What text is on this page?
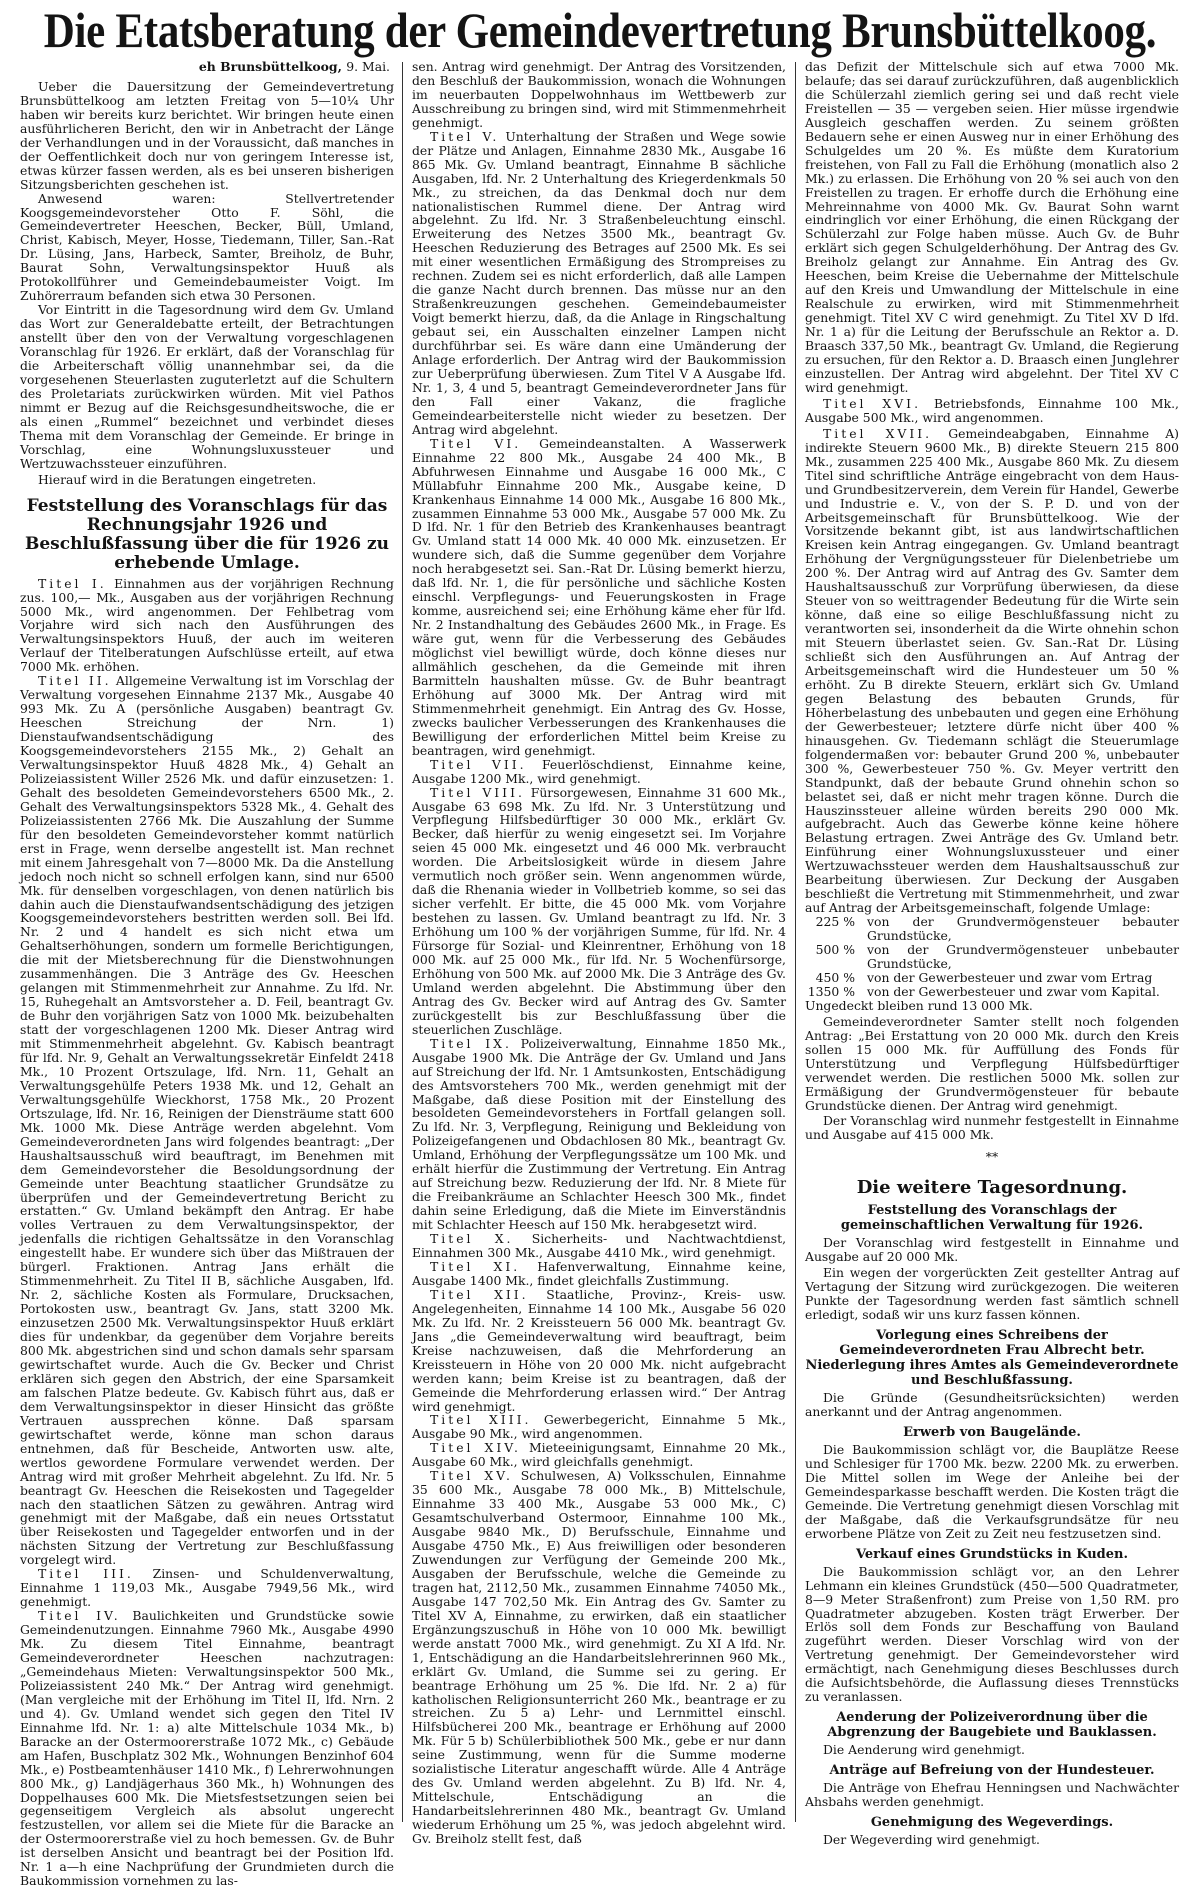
Die Etatsberatung der Gemeindevertretung Brunsbüttelkoog.
eh Brunsbüttelkoog, 9. Mai.

Ueber die Dauersitzung der Gemeindevertretung Brunsbüttelkoog am letzten Freitag von 5—10¼ Uhr haben wir bereits kurz berichtet. Wir bringen heute einen ausführlicheren Bericht, den wir in Anbetracht der Länge der Verhandlungen und in der Voraussicht, daß manches in der Oeffentlichkeit doch nur von geringem Interesse ist, etwas kürzer fassen werden, als es bei unseren bisherigen Sitzungsberichten geschehen ist.

Anwesend waren: Stellvertretender Koogsgemeindevorsteher Otto F. Söhl, die Gemeindevertreter Heeschen, Becker, Büll, Umland, Christ, Kabisch, Meyer, Hosse, Tiedemann, Tiller, San.-Rat Dr. Lüsing, Jans, Harbeck, Samter, Breiholz, de Buhr, Baurat Sohn, Verwaltungsinspektor Huuß als Protokollführer und Gemeindebaumeister Voigt. Im Zuhörerraum befanden sich etwa 30 Personen.

Vor Eintritt in die Tagesordnung wird dem Gv. Umland das Wort zur Generaldebatte erteilt, der Betrachtungen anstellt über den von der Verwaltung vorgeschlagenen Voranschlag für 1926. Er erklärt, daß der Voranschlag für die Arbeiterschaft völlig unannehmbar sei, da die vorgesehenen Steuerlasten zuguterletzt auf die Schultern des Proletariats zurückwirken würden. Mit viel Pathos nimmt er Bezug auf die Reichsgesundheitswoche, die er als einen „Rummel“ bezeichnet und verbindet dieses Thema mit dem Voranschlag der Gemeinde. Er bringe in Vorschlag, eine Wohnungsluxussteuer und Wertzuwachssteuer einzuführen.

Hierauf wird in die Beratungen eingetreten.

Feststellung des Voranschlags für das Rechnungsjahr 1926 und Beschlußfassung über die für 1926 zu erhebende Umlage.

Titel I. Einnahmen aus der vorjährigen Rechnung zus. 100,— Mk., Ausgaben aus der vorjährigen Rechnung 5000 Mk., wird angenommen. Der Fehlbetrag vom Vorjahre wird sich nach den Ausführungen des Verwaltungsinspektors Huuß, der auch im weiteren Verlauf der Titelberatungen Aufschlüsse erteilt, auf etwa 7000 Mk. erhöhen.

Titel II. Allgemeine Verwaltung ist im Vorschlag der Verwaltung vorgesehen Einnahme 2137 Mk., Ausgabe 40 993 Mk. Zu A (persönliche Ausgaben) beantragt Gv. Heeschen Streichung der Nrn. 1) Dienstaufwandsentschädigung des Koogsgemeindevorstehers 2155 Mk., 2) Gehalt an Verwaltungsinspektor Huuß 4828 Mk., 4) Gehalt an Polizeiassistent Willer 2526 Mk. und dafür einzusetzen: 1. Gehalt des besoldeten Gemeindevorstehers 6500 Mk., 2. Gehalt des Verwaltungsinspektors 5328 Mk., 4. Gehalt des Polizeiassistenten 2766 Mk. Die Auszahlung der Summe für den besoldeten Gemeindevorsteher kommt natürlich erst in Frage, wenn derselbe angestellt ist. Man rechnet mit einem Jahresgehalt von 7—8000 Mk. Da die Anstellung jedoch noch nicht so schnell erfolgen kann, sind nur 6500 Mk. für denselben vorgeschlagen, von denen natürlich bis dahin auch die Dienstaufwandsentschädigung des jetzigen Koogsgemeindevorstehers bestritten werden soll. Bei lfd. Nr. 2 und 4 handelt es sich nicht etwa um Gehaltserhöhungen, sondern um formelle Berichtigungen, die mit der Mietsberechnung für die Dienstwohnungen zusammenhängen. Die 3 Anträge des Gv. Heeschen gelangen mit Stimmenmehrheit zur Annahme. Zu lfd. Nr. 15, Ruhegehalt an Amtsvorsteher a. D. Feil, beantragt Gv. de Buhr den vorjährigen Satz von 1000 Mk. beizubehalten statt der vorgeschlagenen 1200 Mk. Dieser Antrag wird mit Stimmenmehrheit abgelehnt. Gv. Kabisch beantragt für lfd. Nr. 9, Gehalt an Verwaltungssekretär Einfeldt 2418 Mk., 10 Prozent Ortszulage, lfd. Nrn. 11, Gehalt an Verwaltungsgehülfe Peters 1938 Mk. und 12, Gehalt an Verwaltungsgehülfe Wieckhorst, 1758 Mk., 20 Prozent Ortszulage, lfd. Nr. 16, Reinigen der Diensträume statt 600 Mk. 1000 Mk. Diese Anträge werden abgelehnt. Vom Gemeindeverordneten Jans wird folgendes beantragt: „Der Haushaltsausschuß wird beauftragt, im Benehmen mit dem Gemeindevorsteher die Besoldungsordnung der Gemeinde unter Beachtung staatlicher Grundsätze zu überprüfen und der Gemeindevertretung Bericht zu erstatten.“ Gv. Umland bekämpft den Antrag. Er habe volles Vertrauen zu dem Verwaltungsinspektor, der jedenfalls die richtigen Gehaltssätze in den Voranschlag eingestellt habe. Er wundere sich über das Mißtrauen der bürgerl. Fraktionen. Antrag Jans erhält die Stimmenmehrheit. Zu Titel II B, sächliche Ausgaben, lfd. Nr. 2, sächliche Kosten als Formulare, Drucksachen, Portokosten usw., beantragt Gv. Jans, statt 3200 Mk. einzusetzen 2500 Mk. Verwaltungsinspektor Huuß erklärt dies für undenkbar, da gegenüber dem Vorjahre bereits 800 Mk. abgestrichen sind und schon damals sehr sparsam gewirtschaftet wurde. Auch die Gv. Becker und Christ erklären sich gegen den Abstrich, der eine Sparsamkeit am falschen Platze bedeute. Gv. Kabisch führt aus, daß er dem Verwaltungsinspektor in dieser Hinsicht das größte Vertrauen aussprechen könne. Daß sparsam gewirtschaftet werde, könne man schon daraus entnehmen, daß für Bescheide, Antworten usw. alte, wertlos gewordene Formulare verwendet werden. Der Antrag wird mit großer Mehrheit abgelehnt. Zu lfd. Nr. 5 beantragt Gv. Heeschen die Reisekosten und Tagegelder nach den staatlichen Sätzen zu gewähren. Antrag wird genehmigt mit der Maßgabe, daß ein neues Ortsstatut über Reisekosten und Tagegelder entworfen und in der nächsten Sitzung der Vertretung zur Beschlußfassung vorgelegt wird.

Titel III. Zinsen- und Schuldenverwaltung, Einnahme 1 119,03 Mk., Ausgabe 7949,56 Mk., wird genehmigt.

Titel IV. Baulichkeiten und Grundstücke sowie Gemeindenutzungen. Einnahme 7960 Mk., Ausgabe 4990 Mk. Zu diesem Titel Einnahme, beantragt Gemeindeverordneter Heeschen nachzutragen: „Gemeindehaus Mieten: Verwaltungsinspektor 500 Mk., Polizeiassistent 240 Mk.“ Der Antrag wird genehmigt. (Man vergleiche mit der Erhöhung im Titel II, lfd. Nrn. 2 und 4). Gv. Umland wendet sich gegen den Titel IV Einnahme lfd. Nr. 1: a) alte Mittelschule 1034 Mk., b) Baracke an der Ostermoorerstraße 1072 Mk., c) Gebäude am Hafen, Buschplatz 302 Mk., Wohnungen Benzinhof 604 Mk., e) Postbeamtenhäuser 1410 Mk., f) Lehrerwohnungen 800 Mk., g) Landjägerhaus 360 Mk., h) Wohnungen des Doppelhauses 600 Mk. Die Mietsfestsetzungen seien bei gegenseitigem Vergleich als absolut ungerecht festzustellen, vor allem sei die Miete für die Baracke an der Ostermoorerstraße viel zu hoch bemessen. Gv. de Buhr ist derselben Ansicht und beantragt bei der Position lfd. Nr. 1 a—h eine Nachprüfung der Grundmieten durch die Baukommission vornehmen zu las-

sen. Antrag wird genehmigt. Der Antrag des Vorsitzenden, den Beschluß der Baukommission, wonach die Wohnungen im neuerbauten Doppelwohnhaus im Wettbewerb zur Ausschreibung zu bringen sind, wird mit Stimmenmehrheit genehmigt.

Titel V. Unterhaltung der Straßen und Wege sowie der Plätze und Anlagen, Einnahme 2830 Mk., Ausgabe 16 865 Mk. Gv. Umland beantragt, Einnahme B sächliche Ausgaben, lfd. Nr. 2 Unterhaltung des Kriegerdenkmals 50 Mk., zu streichen, da das Denkmal doch nur dem nationalistischen Rummel diene. Der Antrag wird abgelehnt. Zu lfd. Nr. 3 Straßenbeleuchtung einschl. Erweiterung des Netzes 3500 Mk., beantragt Gv. Heeschen Reduzierung des Betrages auf 2500 Mk. Es sei mit einer wesentlichen Ermäßigung des Strompreises zu rechnen. Zudem sei es nicht erforderlich, daß alle Lampen die ganze Nacht durch brennen. Das müsse nur an den Straßenkreuzungen geschehen. Gemeindebaumeister Voigt bemerkt hierzu, daß, da die Anlage in Ringschaltung gebaut sei, ein Ausschalten einzelner Lampen nicht durchführbar sei. Es wäre dann eine Umänderung der Anlage erforderlich. Der Antrag wird der Baukommission zur Ueberprüfung überwiesen. Zum Titel V A Ausgabe lfd. Nr. 1, 3, 4 und 5, beantragt Gemeindeverordneter Jans für den Fall einer Vakanz, die fragliche Gemeindearbeiterstelle nicht wieder zu besetzen. Der Antrag wird abgelehnt.

Titel VI. Gemeindeanstalten. A Wasserwerk Einnahme 22 800 Mk., Ausgabe 24 400 Mk., B Abfuhrwesen Einnahme und Ausgabe 16 000 Mk., C Müllabfuhr Einnahme 200 Mk., Ausgabe keine, D Krankenhaus Einnahme 14 000 Mk., Ausgabe 16 800 Mk., zusammen Einnahme 53 000 Mk., Ausgabe 57 000 Mk. Zu D lfd. Nr. 1 für den Betrieb des Krankenhauses beantragt Gv. Umland statt 14 000 Mk. 40 000 Mk. einzusetzen. Er wundere sich, daß die Summe gegenüber dem Vorjahre noch herabgesetzt sei. San.-Rat Dr. Lüsing bemerkt hierzu, daß lfd. Nr. 1, die für persönliche und sächliche Kosten einschl. Verpflegungs- und Feuerungskosten in Frage komme, ausreichend sei; eine Erhöhung käme eher für lfd. Nr. 2 Instandhaltung des Gebäudes 2600 Mk., in Frage. Es wäre gut, wenn für die Verbesserung des Gebäudes möglichst viel bewilligt würde, doch könne dieses nur allmählich geschehen, da die Gemeinde mit ihren Barmitteln haushalten müsse. Gv. de Buhr beantragt Erhöhung auf 3000 Mk. Der Antrag wird mit Stimmenmehrheit genehmigt. Ein Antrag des Gv. Hosse, zwecks baulicher Verbesserungen des Krankenhauses die Bewilligung der erforderlichen Mittel beim Kreise zu beantragen, wird genehmigt.

Titel VII. Feuerlöschdienst, Einnahme keine, Ausgabe 1200 Mk., wird genehmigt.

Titel VIII. Fürsorgewesen, Einnahme 31 600 Mk., Ausgabe 63 698 Mk. Zu lfd. Nr. 3 Unterstützung und Verpflegung Hilfsbedürftiger 30 000 Mk., erklärt Gv. Becker, daß hierfür zu wenig eingesetzt sei. Im Vorjahre seien 45 000 Mk. eingesetzt und 46 000 Mk. verbraucht worden. Die Arbeitslosigkeit würde in diesem Jahre vermutlich noch größer sein. Wenn angenommen würde, daß die Rhenania wieder in Vollbetrieb komme, so sei das sicher verfehlt. Er bitte, die 45 000 Mk. vom Vorjahre bestehen zu lassen. Gv. Umland beantragt zu lfd. Nr. 3 Erhöhung um 100 % der vorjährigen Summe, für lfd. Nr. 4 Fürsorge für Sozial- und Kleinrentner, Erhöhung von 18 000 Mk. auf 25 000 Mk., für lfd. Nr. 5 Wochenfürsorge, Erhöhung von 500 Mk. auf 2000 Mk. Die 3 Anträge des Gv. Umland werden abgelehnt. Die Abstimmung über den Antrag des Gv. Becker wird auf Antrag des Gv. Samter zurückgestellt bis zur Beschlußfassung über die steuerlichen Zuschläge.

Titel IX. Polizeiverwaltung, Einnahme 1850 Mk., Ausgabe 1900 Mk. Die Anträge der Gv. Umland und Jans auf Streichung der lfd. Nr. 1 Amtsunkosten, Entschädigung des Amtsvorstehers 700 Mk., werden genehmigt mit der Maßgabe, daß diese Position mit der Einstellung des besoldeten Gemeindevorstehers in Fortfall gelangen soll. Zu lfd. Nr. 3, Verpflegung, Reinigung und Bekleidung von Polizeigefangenen und Obdachlosen 80 Mk., beantragt Gv. Umland, Erhöhung der Verpflegungssätze um 100 Mk. und erhält hierfür die Zustimmung der Vertretung. Ein Antrag auf Streichung bezw. Reduzierung der lfd. Nr. 8 Miete für die Freibankräume an Schlachter Heesch 300 Mk., findet dahin seine Erledigung, daß die Miete im Einverständnis mit Schlachter Heesch auf 150 Mk. herabgesetzt wird.

Titel X. Sicherheits- und Nachtwachtdienst, Einnahmen 300 Mk., Ausgabe 4410 Mk., wird genehmigt.

Titel XI. Hafenverwaltung, Einnahme keine, Ausgabe 1400 Mk., findet gleichfalls Zustimmung.

Titel XII. Staatliche, Provinz-, Kreis- usw. Angelegenheiten, Einnahme 14 100 Mk., Ausgabe 56 020 Mk. Zu lfd. Nr. 2 Kreissteuern 56 000 Mk. beantragt Gv. Jans „die Gemeindeverwaltung wird beauftragt, beim Kreise nachzuweisen, daß die Mehrforderung an Kreissteuern in Höhe von 20 000 Mk. nicht aufgebracht werden kann; beim Kreise ist zu beantragen, daß der Gemeinde die Mehrforderung erlassen wird.“ Der Antrag wird genehmigt.

Titel XIII. Gewerbegericht, Einnahme 5 Mk., Ausgabe 90 Mk., wird angenommen.

Titel XIV. Mieteeinigungsamt, Einnahme 20 Mk., Ausgabe 60 Mk., wird gleichfalls genehmigt.

Titel XV. Schulwesen, A) Volksschulen, Einnahme 35 600 Mk., Ausgabe 78 000 Mk., B) Mittelschule, Einnahme 33 400 Mk., Ausgabe 53 000 Mk., C) Gesamtschulverband Ostermoor, Einnahme 100 Mk., Ausgabe 9840 Mk., D) Berufsschule, Einnahme und Ausgabe 4750 Mk., E) Aus freiwilligen oder besonderen Zuwendungen zur Verfügung der Gemeinde 200 Mk., Ausgaben der Berufsschule, welche die Gemeinde zu tragen hat, 2112,50 Mk., zusammen Einnahme 74050 Mk., Ausgabe 147 702,50 Mk. Ein Antrag des Gv. Samter zu Titel XV A, Einnahme, zu erwirken, daß ein staatlicher Ergänzungszuschuß in Höhe von 10 000 Mk. bewilligt werde anstatt 7000 Mk., wird genehmigt. Zu XI A lfd. Nr. 1, Entschädigung an die Handarbeitslehrerinnen 960 Mk., erklärt Gv. Umland, die Summe sei zu gering. Er beantrage Erhöhung um 25 %. Die lfd. Nr. 2 a) für katholischen Religionsunterricht 260 Mk., beantrage er zu streichen. Zu 5 a) Lehr- und Lernmittel einschl. Hilfsbücherei 200 Mk., beantrage er Erhöhung auf 2000 Mk. Für 5 b) Schülerbibliothek 500 Mk., gebe er nur dann seine Zustimmung, wenn für die Summe moderne sozialistische Literatur angeschafft würde. Alle 4 Anträge des Gv. Umland werden abgelehnt. Zu B) lfd. Nr. 4, Mittelschule, Entschädigung an die Handarbeitslehrerinnen 480 Mk., beantragt Gv. Umland wiederum Erhöhung um 25 %, was jedoch abgelehnt wird. Gv. Breiholz stellt fest, daß

das Defizit der Mittelschule sich auf etwa 7000 Mk. belaufe; das sei darauf zurückzuführen, daß augenblicklich die Schülerzahl ziemlich gering sei und daß recht viele Freistellen — 35 — vergeben seien. Hier müsse irgendwie Ausgleich geschaffen werden. Zu seinem größten Bedauern sehe er einen Ausweg nur in einer Erhöhung des Schulgeldes um 20 %. Es müßte dem Kuratorium freistehen, von Fall zu Fall die Erhöhung (monatlich also 2 Mk.) zu erlassen. Die Erhöhung von 20 % sei auch von den Freistellen zu tragen. Er erhoffe durch die Erhöhung eine Mehreinnahme von 4000 Mk. Gv. Baurat Sohn warnt eindringlich vor einer Erhöhung, die einen Rückgang der Schülerzahl zur Folge haben müsse. Auch Gv. de Buhr erklärt sich gegen Schulgelderhöhung. Der Antrag des Gv. Breiholz gelangt zur Annahme. Ein Antrag des Gv. Heeschen, beim Kreise die Uebernahme der Mittelschule auf den Kreis und Umwandlung der Mittelschule in eine Realschule zu erwirken, wird mit Stimmenmehrheit genehmigt. Titel XV C wird genehmigt. Zu Titel XV D lfd. Nr. 1 a) für die Leitung der Berufsschule an Rektor a. D. Braasch 337,50 Mk., beantragt Gv. Umland, die Regierung zu ersuchen, für den Rektor a. D. Braasch einen Junglehrer einzustellen. Der Antrag wird abgelehnt. Der Titel XV C wird genehmigt.

Titel XVI. Betriebsfonds, Einnahme 100 Mk., Ausgabe 500 Mk., wird angenommen.

Titel XVII. Gemeindeabgaben, Einnahme A) indirekte Steuern 9600 Mk., B) direkte Steuern 215 800 Mk., zusammen 225 400 Mk., Ausgabe 860 Mk. Zu diesem Titel sind schriftliche Anträge eingebracht von dem Haus- und Grundbesitzerverein, dem Verein für Handel, Gewerbe und Industrie e. V., von der S. P. D. und von der Arbeitsgemeinschaft für Brunsbüttelkoog. Wie der Vorsitzende bekannt gibt, ist aus landwirtschaftlichen Kreisen kein Antrag eingegangen. Gv. Umland beantragt Erhöhung der Vergnügungssteuer für Dielenbetriebe um 200 %. Der Antrag wird auf Antrag des Gv. Samter dem Haushaltsausschuß zur Vorprüfung überwiesen, da diese Steuer von so weittragender Bedeutung für die Wirte sein könne, daß eine so eilige Beschlußfassung nicht zu verantworten sei, insonderheit da die Wirte ohnehin schon mit Steuern überlastet seien. Gv. San.-Rat Dr. Lüsing schließt sich den Ausführungen an. Auf Antrag der Arbeitsgemeinschaft wird die Hundesteuer um 50 % erhöht. Zu B direkte Steuern, erklärt sich Gv. Umland gegen Belastung des bebauten Grunds, für Höherbelastung des unbebauten und gegen eine Erhöhung der Gewerbesteuer; letztere dürfe nicht über 400 % hinausgehen. Gv. Tiedemann schlägt die Steuerumlage folgendermaßen vor: bebauter Grund 200 %, unbebauter 300 %, Gewerbesteuer 750 %. Gv. Meyer vertritt den Standpunkt, daß der bebaute Grund ohnehin schon so belastet sei, daß er nicht mehr tragen könne. Durch die Hauszinssteuer alleine würden bereits 290 000 Mk. aufgebracht. Auch das Gewerbe könne keine höhere Belastung ertragen. Zwei Anträge des Gv. Umland betr. Einführung einer Wohnungsluxussteuer und einer Wertzuwachssteuer werden dem Haushaltsausschuß zur Bearbeitung überwiesen. Zur Deckung der Ausgaben beschließt die Vertretung mit Stimmenmehrheit, und zwar auf Antrag der Arbeitsgemeinschaft, folgende Umlage:

225 % von der Grundvermögensteuer bebauter Grundstücke,

500 % von der Grundvermögensteuer unbebauter Grundstücke,

450 % von der Gewerbesteuer und zwar vom Ertrag

1350 % von der Gewerbesteuer und zwar vom Kapital.

Ungedeckt bleiben rund 13 000 Mk.

Gemeindeverordneter Samter stellt noch folgenden Antrag: „Bei Erstattung von 20 000 Mk. durch den Kreis sollen 15 000 Mk. für Auffüllung des Fonds für Unterstützung und Verpflegung Hülfsbedürftiger verwendet werden. Die restlichen 5000 Mk. sollen zur Ermäßigung der Grundvermögensteuer für bebaute Grundstücke dienen. Der Antrag wird genehmigt.

Der Voranschlag wird nunmehr festgestellt in Einnahme und Ausgabe auf 415 000 Mk.

**
Die weitere Tagesordnung.
Feststellung des Voranschlags der gemeinschaftlichen Verwaltung für 1926.

Der Voranschlag wird festgestellt in Einnahme und Ausgabe auf 20 000 Mk.

Ein wegen der vorgerückten Zeit gestellter Antrag auf Vertagung der Sitzung wird zurückgezogen. Die weiteren Punkte der Tagesordnung werden fast sämtlich schnell erledigt, sodaß wir uns kurz fassen können.

Vorlegung eines Schreibens der Gemeindeverordneten Frau Albrecht betr. Niederlegung ihres Amtes als Gemeindeverordnete und Beschlußfassung.

Die Gründe (Gesundheitsrücksichten) werden anerkannt und der Antrag angenommen.

Erwerb von Baugelände.

Die Baukommission schlägt vor, die Bauplätze Reese und Schlesiger für 1700 Mk. bezw. 2200 Mk. zu erwerben. Die Mittel sollen im Wege der Anleihe bei der Gemeindesparkasse beschafft werden. Die Kosten trägt die Gemeinde. Die Vertretung genehmigt diesen Vorschlag mit der Maßgabe, daß die Verkaufsgrundsätze für neu erworbene Plätze von Zeit zu Zeit neu festzusetzen sind.

Verkauf eines Grundstücks in Kuden.

Die Baukommission schlägt vor, an den Lehrer Lehmann ein kleines Grundstück (450—500 Quadratmeter, 8—9 Meter Straßenfront) zum Preise von 1,50 RM. pro Quadratmeter abzugeben. Kosten trägt Erwerber. Der Erlös soll dem Fonds zur Beschaffung von Bauland zugeführt werden. Dieser Vorschlag wird von der Vertretung genehmigt. Der Gemeindevorsteher wird ermächtigt, nach Genehmigung dieses Beschlusses durch die Aufsichtsbehörde, die Auflassung dieses Trennstücks zu veranlassen.

Aenderung der Polizeiverordnung über die Abgrenzung der Baugebiete und Bauklassen.

Die Aenderung wird genehmigt.

Anträge auf Befreiung von der Hundesteuer.

Die Anträge von Ehefrau Henningsen und Nachwächter Ahsbahs werden genehmigt.

Genehmigung des Wegeverdings.

Der Wegeverding wird genehmigt.
